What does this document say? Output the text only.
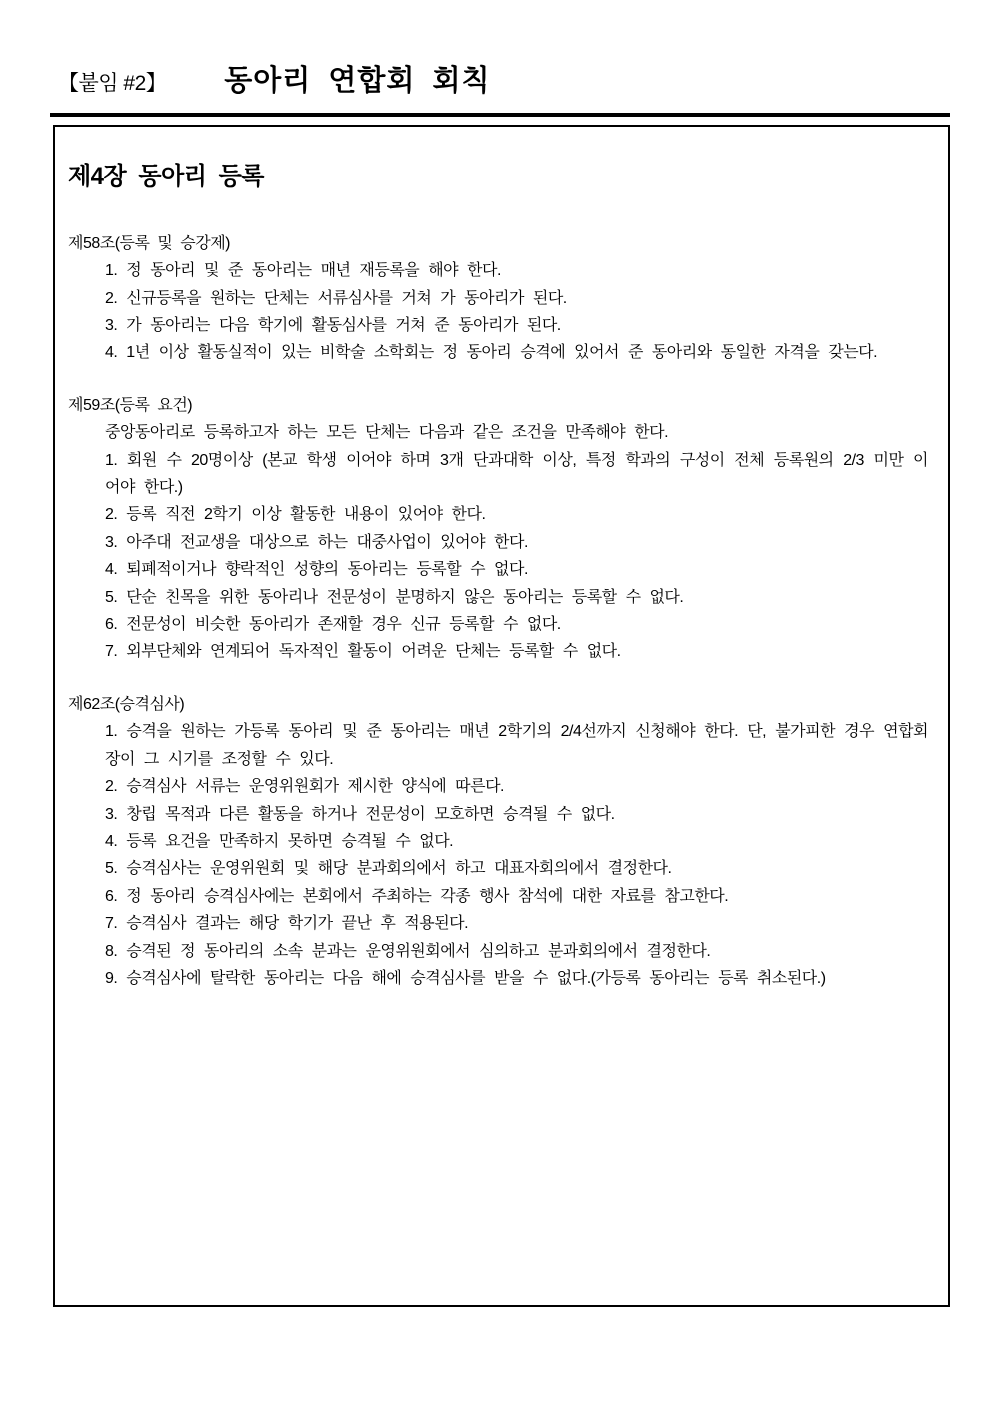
【붙임 #2】 동아리 연합회 회칙
제4장 동아리 등록
제58조(등록 및 승강제)
1. 정 동아리 및 준 동아리는 매년 재등록을 해야 한다.
2. 신규등록을 원하는 단체는 서류심사를 거쳐 가 동아리가 된다.
3. 가 동아리는 다음 학기에 활동심사를 거쳐 준 동아리가 된다.
4. 1년 이상 활동실적이 있는 비학술 소학회는 정 동아리 승격에 있어서 준 동아리와 동일한 자격을 갖는다.
제59조(등록 요건)
중앙동아리로 등록하고자 하는 모든 단체는 다음과 같은 조건을 만족해야 한다.
1. 회원 수 20명이상 (본교 학생 이어야 하며 3개 단과대학 이상, 특정 학과의 구성이 전체 등록원의 2/3 미만 이어야 한다.)
2. 등록 직전 2학기 이상 활동한 내용이 있어야 한다.
3. 아주대 전교생을 대상으로 하는 대중사업이 있어야 한다.
4. 퇴폐적이거나 향락적인 성향의 동아리는 등록할 수 없다.
5. 단순 친목을 위한 동아리나 전문성이 분명하지 않은 동아리는 등록할 수 없다.
6. 전문성이 비슷한 동아리가 존재할 경우 신규 등록할 수 없다.
7. 외부단체와 연계되어 독자적인 활동이 어려운 단체는 등록할 수 없다.
제62조(승격심사)
1. 승격을 원하는 가등록 동아리 및 준 동아리는 매년 2학기의 2/4선까지 신청해야 한다. 단, 불가피한 경우 연합회장이 그 시기를 조정할 수 있다.
2. 승격심사 서류는 운영위원회가 제시한 양식에 따른다.
3. 창립 목적과 다른 활동을 하거나 전문성이 모호하면 승격될 수 없다.
4. 등록 요건을 만족하지 못하면 승격될 수 없다.
5. 승격심사는 운영위원회 및 해당 분과회의에서 하고 대표자회의에서 결정한다.
6. 정 동아리 승격심사에는 본회에서 주최하는 각종 행사 참석에 대한 자료를 참고한다.
7. 승격심사 결과는 해당 학기가 끝난 후 적용된다.
8. 승격된 정 동아리의 소속 분과는 운영위원회에서 심의하고 분과회의에서 결정한다.
9. 승격심사에 탈락한 동아리는 다음 해에 승격심사를 받을 수 없다.(가등록 동아리는 등록 취소된다.)
